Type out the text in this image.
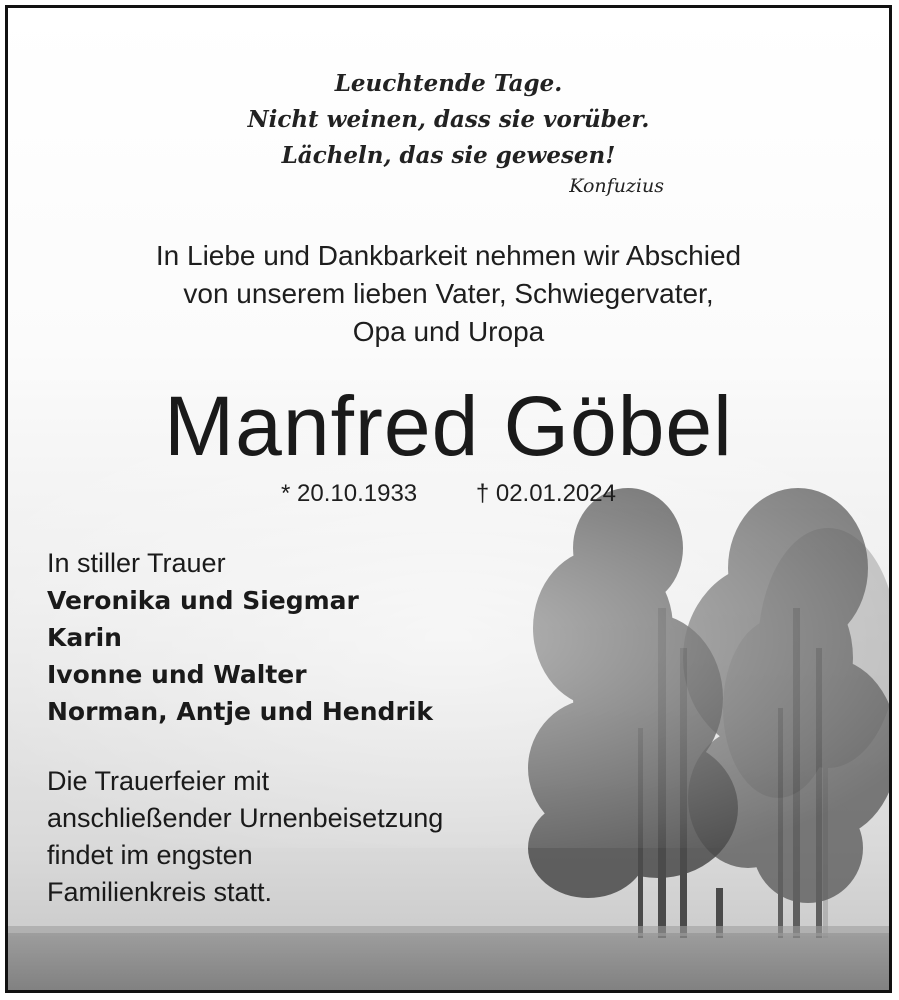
Leuchtende Tage.
Nicht weinen, dass sie vorüber.
Lächeln, das sie gewesen!
Konfuzius
In Liebe und Dankbarkeit nehmen wir Abschied
von unserem lieben Vater, Schwiegervater,
Opa und Uropa
Manfred Göbel
* 20.10.1933 † 02.01.2024
In stiller Trauer
Veronika und Siegmar
Karin
Ivonne und Walter
Norman, Antje und Hendrik
Die Trauerfeier mit
anschließender Urnenbeisetzung
findet im engsten
Familienkreis statt.
